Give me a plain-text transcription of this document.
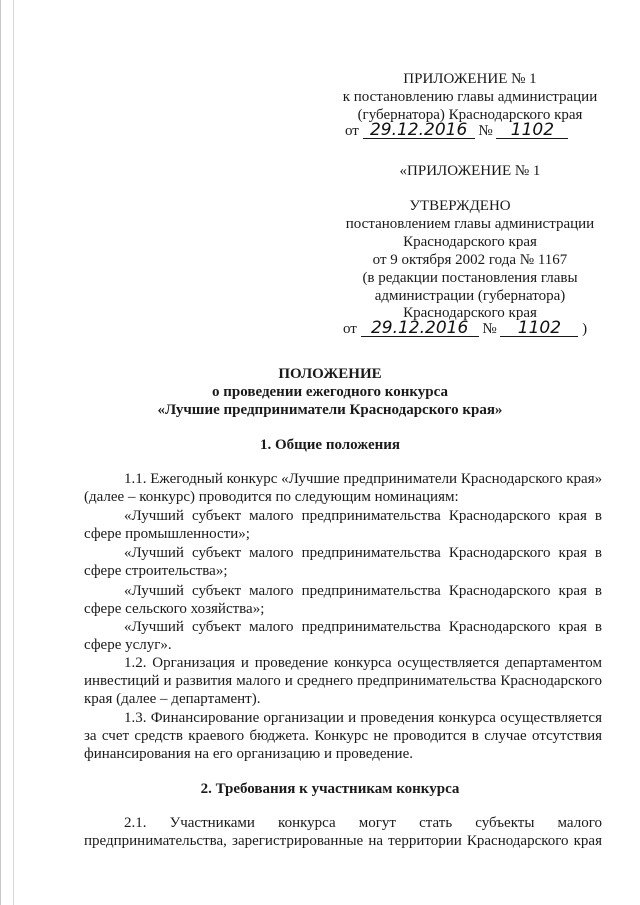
ПРИЛОЖЕНИЕ № 1
к постановлению главы администрации
(губернатора) Краснодарского края
от 29.12.2016 № 1102
«ПРИЛОЖЕНИЕ № 1
УТВЕРЖДЕНО
постановлением главы администрации
Краснодарского края
от 9 октября 2002 года № 1167
(в редакции постановления главы
администрации (губернатора)
Краснодарского края
от 29.12.2016 № 1102 )
ПОЛОЖЕНИЕ
о проведении ежегодного конкурса
«Лучшие предприниматели Краснодарского края»
1. Общие положения
1.1. Ежегодный конкурс «Лучшие предприниматели Краснодарского края»
(далее – конкурс) проводится по следующим номинациям:
«Лучший субъект малого предпринимательства Краснодарского края в
сфере промышленности»;
«Лучший субъект малого предпринимательства Краснодарского края в
сфере строительства»;
«Лучший субъект малого предпринимательства Краснодарского края в
сфере сельского хозяйства»;
«Лучший субъект малого предпринимательства Краснодарского края в
сфере услуг».
1.2. Организация и проведение конкурса осуществляется департаментом
инвестиций и развития малого и среднего предпринимательства Краснодарского
края (далее – департамент).
1.3. Финансирование организации и проведения конкурса осуществляется
за счет средств краевого бюджета. Конкурс не проводится в случае отсутствия
финансирования на его организацию и проведение.
2. Требования к участникам конкурса
2.1. Участниками конкурса могут стать субъекты малого
предпринимательства, зарегистрированные на территории Краснодарского края
